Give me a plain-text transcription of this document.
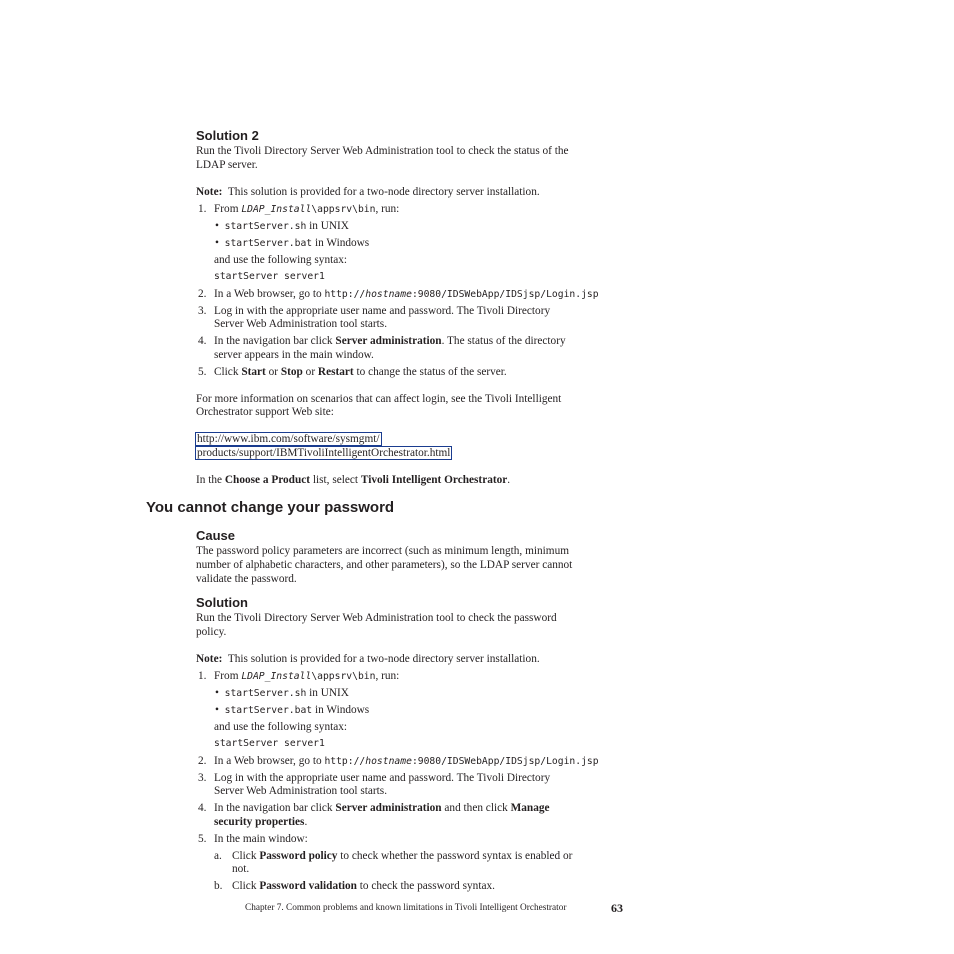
Solution 2
Run the Tivoli Directory Server Web Administration tool to check the status of the
LDAP server.
Note: This solution is provided for a two-node directory server installation.
1. From LDAP_Install\appsrv\bin, run:
• startServer.sh in UNIX
• startServer.bat in Windows
and use the following syntax:
startServer server1
2. In a Web browser, go to http://hostname:9080/IDSWebApp/IDSjsp/Login.jsp
3. Log in with the appropriate user name and password. The Tivoli Directory
Server Web Administration tool starts.
4. In the navigation bar click Server administration. The status of the directory
server appears in the main window.
5. Click Start or Stop or Restart to change the status of the server.
For more information on scenarios that can affect login, see the Tivoli Intelligent
Orchestrator support Web site:
http://www.ibm.com/software/sysmgmt/
products/support/IBMTivoliIntelligentOrchestrator.html
In the Choose a Product list, select Tivoli Intelligent Orchestrator.
You cannot change your password
Cause
The password policy parameters are incorrect (such as minimum length, minimum
number of alphabetic characters, and other parameters), so the LDAP server cannot
validate the password.
Solution
Run the Tivoli Directory Server Web Administration tool to check the password
policy.
Note: This solution is provided for a two-node directory server installation.
1. From LDAP_Install\appsrv\bin, run:
• startServer.sh in UNIX
• startServer.bat in Windows
and use the following syntax:
startServer server1
2. In a Web browser, go to http://hostname:9080/IDSWebApp/IDSjsp/Login.jsp
3. Log in with the appropriate user name and password. The Tivoli Directory
Server Web Administration tool starts.
4. In the navigation bar click Server administration and then click Manage
security properties.
5. In the main window:
a. Click Password policy to check whether the password syntax is enabled or
not.
b. Click Password validation to check the password syntax.
Chapter 7. Common problems and known limitations in Tivoli Intelligent Orchestrator	63
